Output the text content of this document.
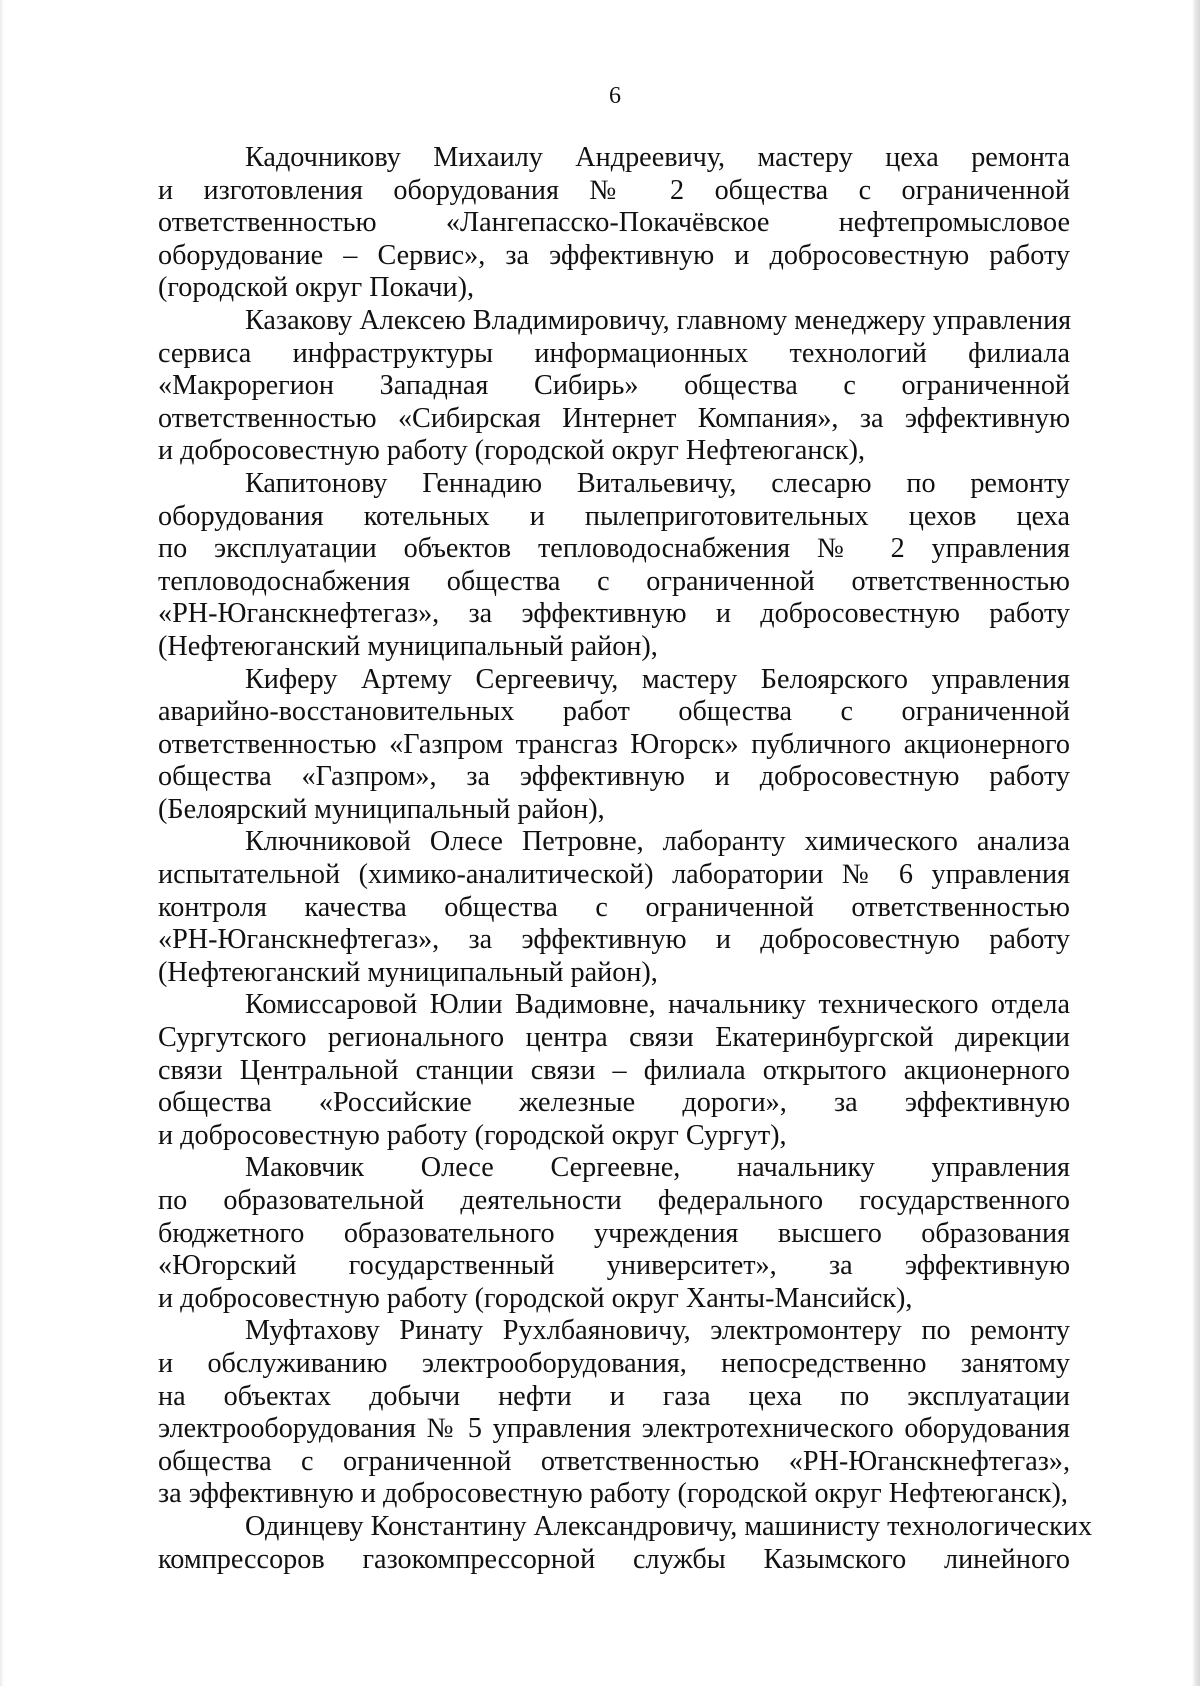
6
Кадочникову Михаилу Андреевичу, мастеру цеха ремонта
и изготовления оборудования № 2 общества с ограниченной
ответственностью «Лангепасско-Покачёвское нефтепромысловое
оборудование – Сервис», за эффективную и добросовестную работу
(городской округ Покачи),
Казакову Алексею Владимировичу, главному менеджеру управления
сервиса инфраструктуры информационных технологий филиала
«Макрорегион Западная Сибирь» общества с ограниченной
ответственностью «Сибирская Интернет Компания», за эффективную
и добросовестную работу (городской округ Нефтеюганск),
Капитонову Геннадию Витальевичу, слесарю по ремонту
оборудования котельных и пылеприготовительных цехов цеха
по эксплуатации объектов тепловодоснабжения № 2 управления
тепловодоснабжения общества с ограниченной ответственностью
«РН-Юганскнефтегаз», за эффективную и добросовестную работу
(Нефтеюганский муниципальный район),
Киферу Артему Сергеевичу, мастеру Белоярского управления
аварийно-восстановительных работ общества с ограниченной
ответственностью «Газпром трансгаз Югорск» публичного акционерного
общества «Газпром», за эффективную и добросовестную работу
(Белоярский муниципальный район),
Ключниковой Олесе Петровне, лаборанту химического анализа
испытательной (химико-аналитической) лаборатории № 6 управления
контроля качества общества с ограниченной ответственностью
«РН-Юганскнефтегаз», за эффективную и добросовестную работу
(Нефтеюганский муниципальный район),
Комиссаровой Юлии Вадимовне, начальнику технического отдела
Сургутского регионального центра связи Екатеринбургской дирекции
связи Центральной станции связи – филиала открытого акционерного
общества «Российские железные дороги», за эффективную
и добросовестную работу (городской округ Сургут),
Маковчик Олесе Сергеевне, начальнику управления
по образовательной деятельности федерального государственного
бюджетного образовательного учреждения высшего образования
«Югорский государственный университет», за эффективную
и добросовестную работу (городской округ Ханты-Мансийск),
Муфтахову Ринату Рухлбаяновичу, электромонтеру по ремонту
и обслуживанию электрооборудования, непосредственно занятому
на объектах добычи нефти и газа цеха по эксплуатации
электрооборудования № 5 управления электротехнического оборудования
общества с ограниченной ответственностью «РН-Юганскнефтегаз»,
за эффективную и добросовестную работу (городской округ Нефтеюганск),
Одинцеву Константину Александровичу, машинисту технологических
компрессоров газокомпрессорной службы Казымского линейного
